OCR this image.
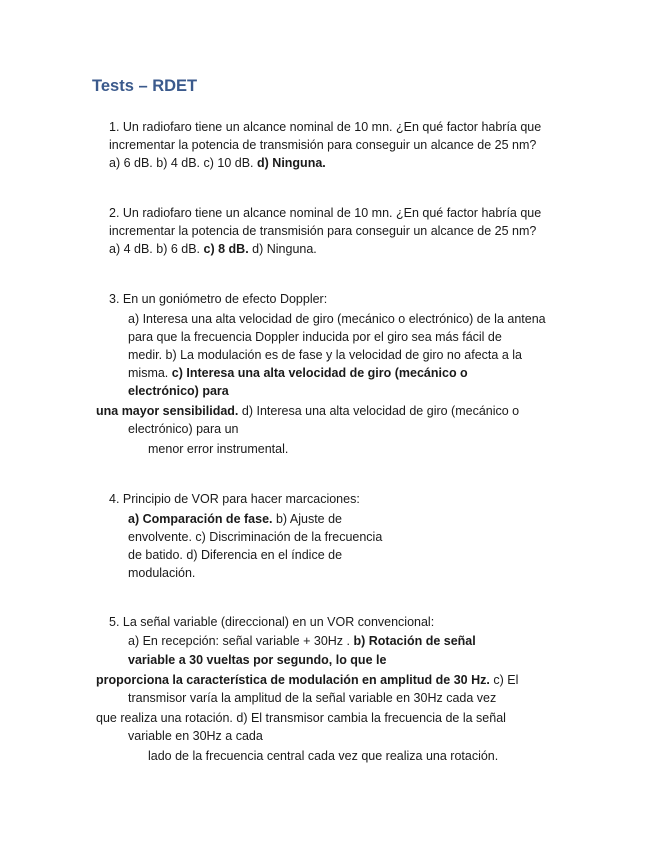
Tests – RDET

1. Un radiofaro tiene un alcance nominal de 10 mn. ¿En qué factor habría que

incrementar la potencia de transmisión para conseguir un alcance de 25 nm?

a) 6 dB. b) 4 dB. c) 10 dB. d) Ninguna.

2. Un radiofaro tiene un alcance nominal de 10 mn. ¿En qué factor habría que

incrementar la potencia de transmisión para conseguir un alcance de 25 nm?

a) 4 dB. b) 6 dB. c) 8 dB. d) Ninguna.

3. En un goniómetro de efecto Doppler:

a) Interesa una alta velocidad de giro (mecánico o electrónico) de la antena

para que la frecuencia Doppler inducida por el giro sea más fácil de

medir. b) La modulación es de fase y la velocidad de giro no afecta a la

misma. c) Interesa una alta velocidad de giro (mecánico o

electrónico) para

una mayor sensibilidad. d) Interesa una alta velocidad de giro (mecánico o

electrónico) para un

menor error instrumental.

4. Principio de VOR para hacer marcaciones:

a) Comparación de fase. b) Ajuste de

envolvente. c) Discriminación de la frecuencia

de batido. d) Diferencia en el índice de

modulación.

5. La señal variable (direccional) en un VOR convencional:

a) En recepción: señal variable + 30Hz . b) Rotación de señal

variable a 30 vueltas por segundo, lo que le

proporciona la característica de modulación en amplitud de 30 Hz. c) El

transmisor varía la amplitud de la señal variable en 30Hz cada vez

que realiza una rotación. d) El transmisor cambia la frecuencia de la señal

variable en 30Hz a cada

lado de la frecuencia central cada vez que realiza una rotación.
